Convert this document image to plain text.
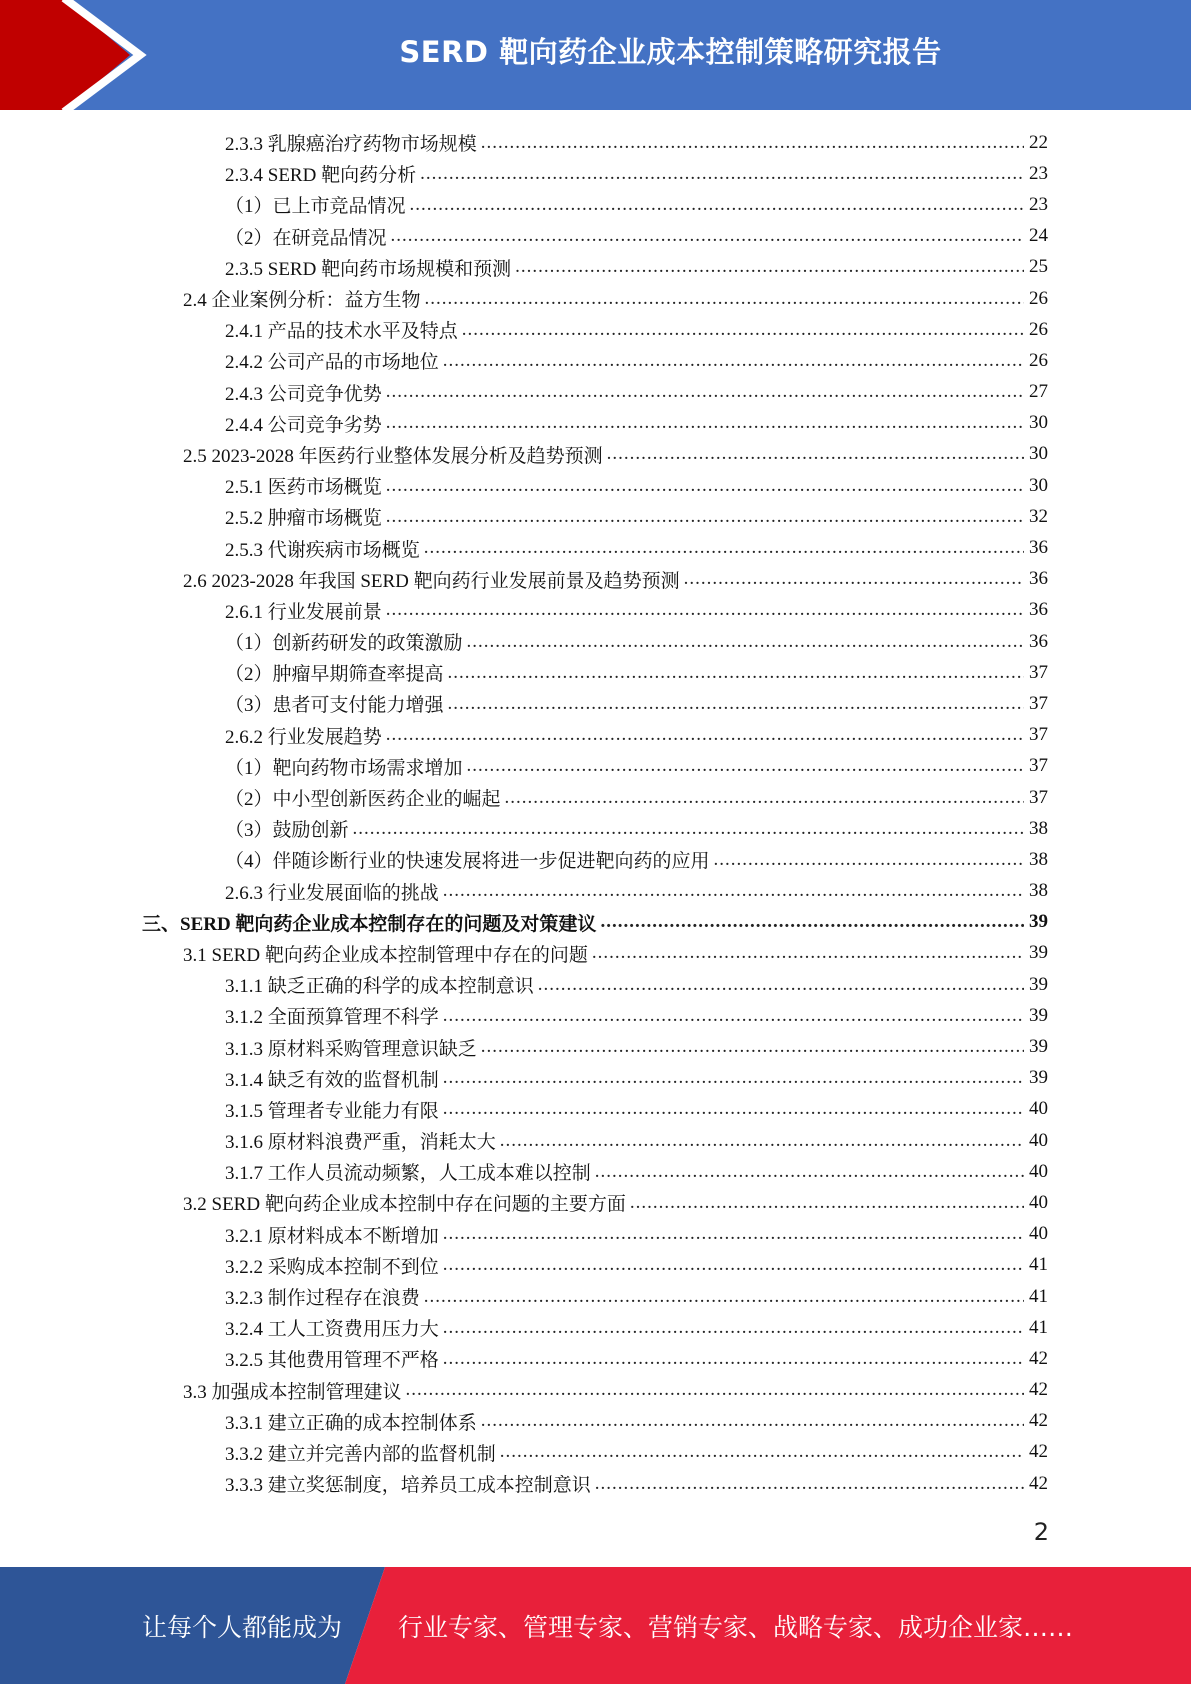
SERD 靶向药企业成本控制策略研究报告
2.3.3 乳腺癌治疗药物市场规模 .....	22
2.3.4 SERD 靶向药分析 .....	23
（1）已上市竞品情况 .....	23
（2）在研竞品情况 .....	24
2.3.5 SERD 靶向药市场规模和预测 .....	25
2.4 企业案例分析：益方生物 .....	26
2.4.1 产品的技术水平及特点 .....	26
2.4.2 公司产品的市场地位 .....	26
2.4.3 公司竞争优势 .....	27
2.4.4 公司竞争劣势 .....	30
2.5 2023-2028 年医药行业整体发展分析及趋势预测 .....	30
2.5.1 医药市场概览 .....	30
2.5.2 肿瘤市场概览 .....	32
2.5.3 代谢疾病市场概览 .....	36
2.6 2023-2028 年我国 SERD 靶向药行业发展前景及趋势预测 .....	36
2.6.1 行业发展前景 .....	36
（1）创新药研发的政策激励 .....	36
（2）肿瘤早期筛查率提高 .....	37
（3）患者可支付能力增强 .....	37
2.6.2 行业发展趋势 .....	37
（1）靶向药物市场需求增加 .....	37
（2）中小型创新医药企业的崛起 .....	37
（3）鼓励创新 .....	38
（4）伴随诊断行业的快速发展将进一步促进靶向药的应用 .....	38
2.6.3 行业发展面临的挑战 .....	38
三、SERD 靶向药企业成本控制存在的问题及对策建议 .....	39
3.1 SERD 靶向药企业成本控制管理中存在的问题 .....	39
3.1.1 缺乏正确的科学的成本控制意识 .....	39
3.1.2 全面预算管理不科学 .....	39
3.1.3 原材料采购管理意识缺乏 .....	39
3.1.4 缺乏有效的监督机制 .....	39
3.1.5 管理者专业能力有限 .....	40
3.1.6 原材料浪费严重，消耗太大 .....	40
3.1.7 工作人员流动频繁，人工成本难以控制 .....	40
3.2 SERD 靶向药企业成本控制中存在问题的主要方面 .....	40
3.2.1 原材料成本不断增加 .....	40
3.2.2 采购成本控制不到位 .....	41
3.2.3 制作过程存在浪费 .....	41
3.2.4 工人工资费用压力大 .....	41
3.2.5 其他费用管理不严格 .....	42
3.3 加强成本控制管理建议 .....	42
3.3.1 建立正确的成本控制体系 .....	42
3.3.2 建立并完善内部的监督机制 .....	42
3.3.3 建立奖惩制度，培养员工成本控制意识 .....	42
2
让每个人都能成为 行业专家、管理专家、营销专家、战略专家、成功企业家……
